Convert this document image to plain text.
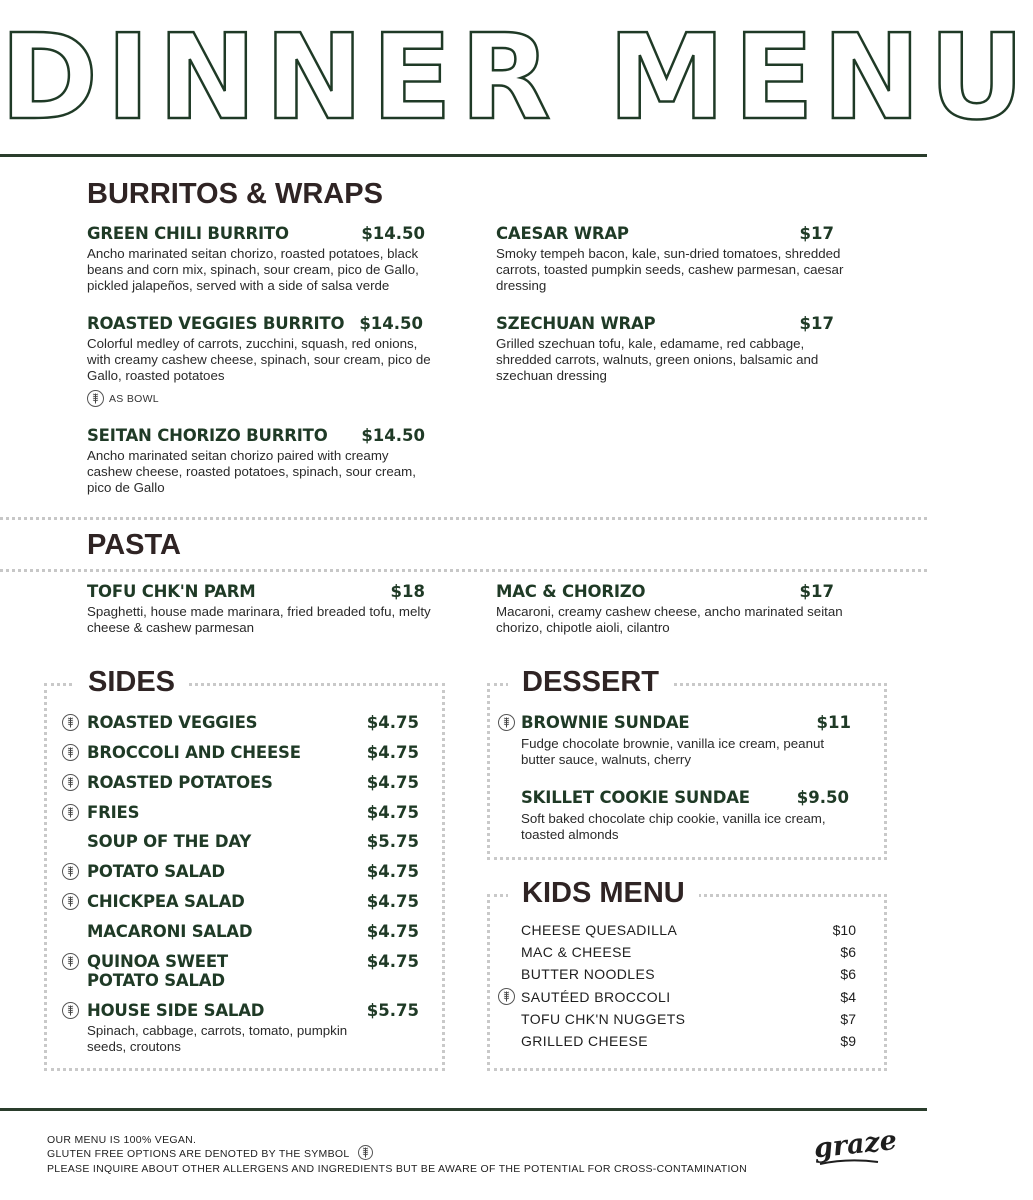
DINNER MENU
BURRITOS & WRAPS
GREEN CHILI BURRITO	$14.50
Ancho marinated seitan chorizo, roasted potatoes, black beans and corn mix, spinach, sour cream, pico de Gallo, pickled jalapeños, served with a side of salsa verde
ROASTED VEGGIES BURRITO $14.50
Colorful medley of carrots, zucchini, squash, red onions, with creamy cashew cheese, spinach, sour cream, pico de Gallo, roasted potatoes
AS BOWL
SEITAN CHORIZO BURRITO	$14.50
Ancho marinated seitan chorizo paired with creamy cashew cheese, roasted potatoes, spinach, sour cream, pico de Gallo
CAESAR WRAP	$17
Smoky tempeh bacon, kale, sun-dried tomatoes, shredded carrots, toasted pumpkin seeds, cashew parmesan, caesar dressing
SZECHUAN WRAP	$17
Grilled szechuan tofu, kale, edamame, red cabbage, shredded carrots, walnuts, green onions, balsamic and szechuan dressing
PASTA
TOFU CHK'N PARM	$18
Spaghetti, house made marinara, fried breaded tofu, melty cheese & cashew parmesan
MAC & CHORIZO	$17
Macaroni, creamy cashew cheese, ancho marinated seitan chorizo, chipotle aioli, cilantro
SIDES
ROASTED VEGGIES	$4.75
BROCCOLI AND CHEESE	$4.75
ROASTED POTATOES	$4.75
FRIES	$4.75
SOUP OF THE DAY	$5.75
POTATO SALAD	$4.75
CHICKPEA SALAD	$4.75
MACARONI SALAD	$4.75
QUINOA SWEET
POTATO SALAD
$4.75
HOUSE SIDE SALAD	$5.75
Spinach, cabbage, carrots, tomato, pumpkin seeds, croutons
DESSERT
BROWNIE SUNDAE	$11
Fudge chocolate brownie, vanilla ice cream, peanut butter sauce, walnuts, cherry
SKILLET COOKIE SUNDAE	$9.50
Soft baked chocolate chip cookie, vanilla ice cream, toasted almonds
KIDS MENU
CHEESE QUESADILLA	$10
MAC & CHEESE	$6
BUTTER NOODLES	$6
SAUTÉED BROCCOLI	$4
TOFU CHK'N NUGGETS	$7
GRILLED CHEESE	$9
OUR MENU IS 100% VEGAN.
GLUTEN FREE OPTIONS ARE DENOTED BY THE SYMBOL
PLEASE INQUIRE ABOUT OTHER ALLERGENS AND INGREDIENTS BUT BE AWARE OF THE POTENTIAL FOR CROSS-CONTAMINATION
graze
